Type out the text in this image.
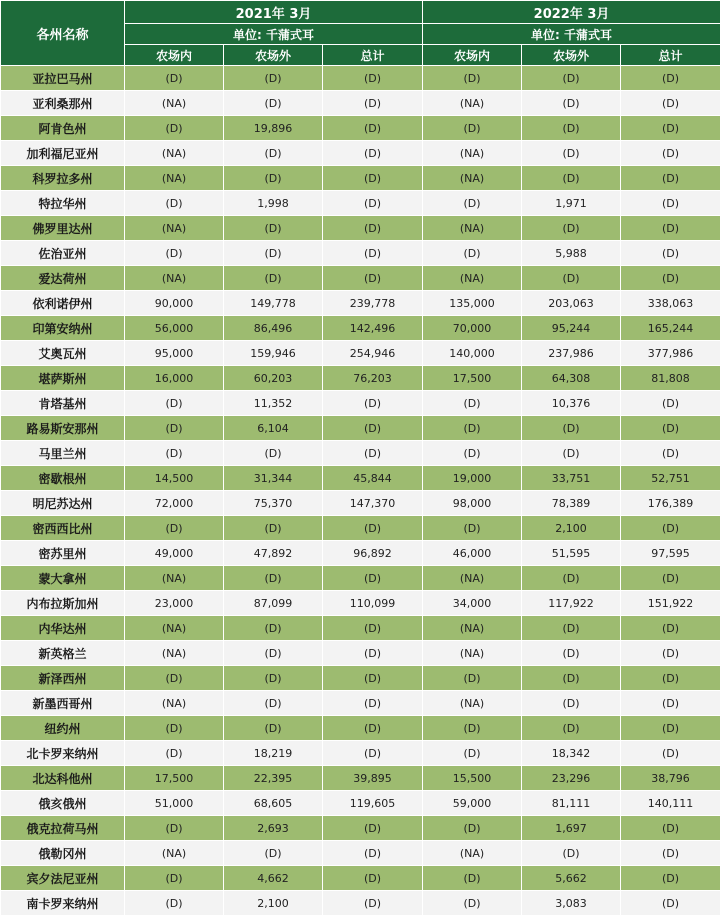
各州名称	2021年 3月			2022年 3月		
	单位: 千蒲式耳			单位: 千蒲式耳		
	农场内	农场外	总计	农场内	农场外	总计
亚拉巴马州	(D)	(D)	(D)	(D)	(D)	(D)
亚利桑那州	(NA)	(D)	(D)	(NA)	(D)	(D)
阿肯色州	(D)	19,896	(D)	(D)	(D)	(D)
加利福尼亚州	(NA)	(D)	(D)	(NA)	(D)	(D)
科罗拉多州	(NA)	(D)	(D)	(NA)	(D)	(D)
特拉华州	(D)	1,998	(D)	(D)	1,971	(D)
佛罗里达州	(NA)	(D)	(D)	(NA)	(D)	(D)
佐治亚州	(D)	(D)	(D)	(D)	5,988	(D)
爱达荷州	(NA)	(D)	(D)	(NA)	(D)	(D)
依利诺伊州	90,000	149,778	239,778	135,000	203,063	338,063
印第安纳州	56,000	86,496	142,496	70,000	95,244	165,244
艾奥瓦州	95,000	159,946	254,946	140,000	237,986	377,986
堪萨斯州	16,000	60,203	76,203	17,500	64,308	81,808
肯塔基州	(D)	11,352	(D)	(D)	10,376	(D)
路易斯安那州	(D)	6,104	(D)	(D)	(D)	(D)
马里兰州	(D)	(D)	(D)	(D)	(D)	(D)
密歇根州	14,500	31,344	45,844	19,000	33,751	52,751
明尼苏达州	72,000	75,370	147,370	98,000	78,389	176,389
密西西比州	(D)	(D)	(D)	(D)	2,100	(D)
密苏里州	49,000	47,892	96,892	46,000	51,595	97,595
蒙大拿州	(NA)	(D)	(D)	(NA)	(D)	(D)
内布拉斯加州	23,000	87,099	110,099	34,000	117,922	151,922
内华达州	(NA)	(D)	(D)	(NA)	(D)	(D)
新英格兰	(NA)	(D)	(D)	(NA)	(D)	(D)
新泽西州	(D)	(D)	(D)	(D)	(D)	(D)
新墨西哥州	(NA)	(D)	(D)	(NA)	(D)	(D)
纽约州	(D)	(D)	(D)	(D)	(D)	(D)
北卡罗来纳州	(D)	18,219	(D)	(D)	18,342	(D)
北达科他州	17,500	22,395	39,895	15,500	23,296	38,796
俄亥俄州	51,000	68,605	119,605	59,000	81,111	140,111
俄克拉荷马州	(D)	2,693	(D)	(D)	1,697	(D)
俄勒冈州	(NA)	(D)	(D)	(NA)	(D)	(D)
宾夕法尼亚州	(D)	4,662	(D)	(D)	5,662	(D)
南卡罗来纳州	(D)	2,100	(D)	(D)	3,083	(D)
